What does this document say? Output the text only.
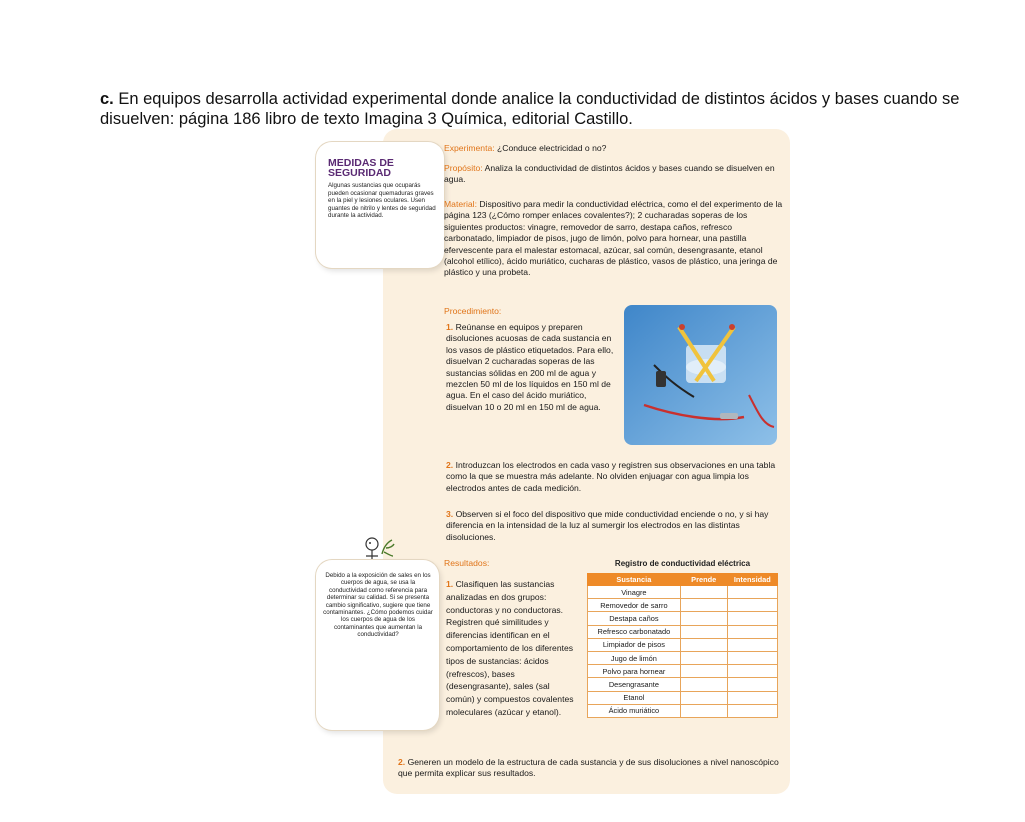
c. En equipos desarrolla actividad experimental donde analice la conductividad de distintos ácidos y bases cuando se disuelven: página 186 libro de texto Imagina 3 Química, editorial Castillo.
MEDIDAS DE SEGURIDAD
Algunas sustancias que ocuparás pueden ocasionar quemaduras graves en la piel y lesiones oculares. Usen guantes de nitrilo y lentes de seguridad durante la actividad.
Experimenta: ¿Conduce electricidad o no?
Propósito: Analiza la conductividad de distintos ácidos y bases cuando se disuelven en agua.
Material: Dispositivo para medir la conductividad eléctrica, como el del experimento de la página 123 (¿Cómo romper enlaces covalentes?); 2 cucharadas soperas de los siguientes productos: vinagre, removedor de sarro, destapa caños, refresco carbonatado, limpiador de pisos, jugo de limón, polvo para hornear, una pastilla efervescente para el malestar estomacal, azúcar, sal común, desengrasante, etanol (alcohol etílico), ácido muriático, cucharas de plástico, vasos de plástico, una jeringa de plástico y una probeta.
Procedimiento:
1. Reúnanse en equipos y preparen disoluciones acuosas de cada sustancia en los vasos de plástico etiquetados. Para ello, disuelvan 2 cucharadas soperas de las sustancias sólidas en 200 ml de agua y mezclen 50 ml de los líquidos en 150 ml de agua. En el caso del ácido muriático, disuelvan 10 o 20 ml en 150 ml de agua.
2. Introduzcan los electrodos en cada vaso y registren sus observaciones en una tabla como la que se muestra más adelante. No olviden enjuagar con agua limpia los electrodos antes de cada medición.
3. Observen si el foco del dispositivo que mide conductividad enciende o no, y si hay diferencia en la intensidad de la luz al sumergir los electrodos en las distintas disoluciones.
Debido a la exposición de sales en los cuerpos de agua, se usa la conductividad como referencia para determinar su calidad. Si se presenta cambio significativo, sugiere que tiene contaminantes. ¿Cómo podemos cuidar los cuerpos de agua de los contaminantes que aumentan la conductividad?
Resultados:
1. Clasifiquen las sustancias analizadas en dos grupos: conductoras y no conductoras. Registren qué similitudes y diferencias identifican en el comportamiento de los diferentes tipos de sustancias: ácidos (refrescos), bases (desengrasante), sales (sal común) y compuestos covalentes moleculares (azúcar y etanol).
Registro de conductividad eléctrica
Sustancia	Prende	Intensidad
Vinagre		
Removedor de sarro		
Destapa caños		
Refresco carbonatado		
Limpiador de pisos		
Jugo de limón		
Polvo para hornear		
Desengrasante		
Etanol		
Ácido muriático		
2. Generen un modelo de la estructura de cada sustancia y de sus disoluciones a nivel nanoscópico que permita explicar sus resultados.
